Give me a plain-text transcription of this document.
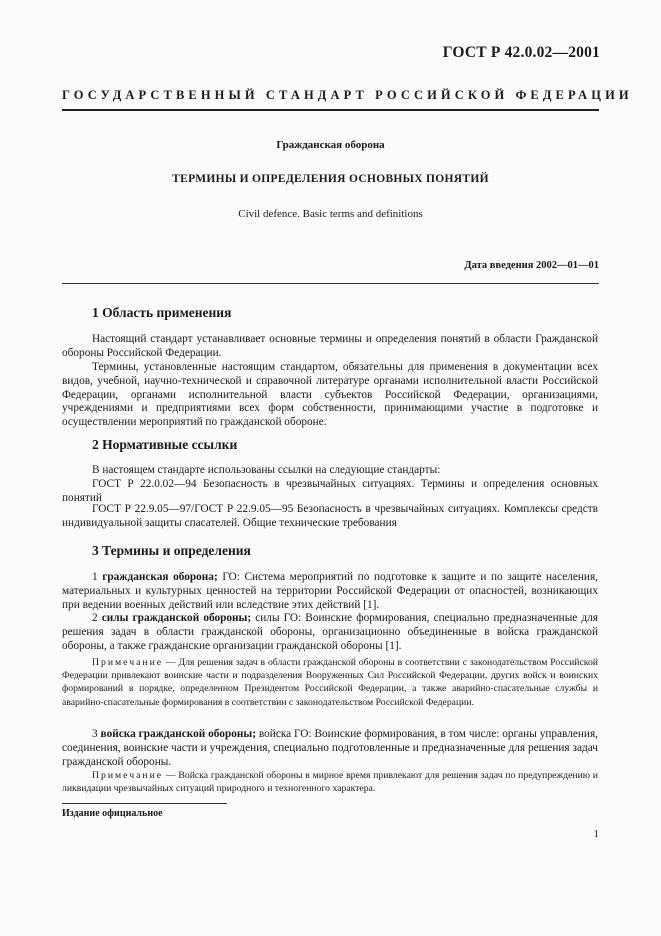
ГОСТ Р 42.0.02—2001
ГОСУДАРСТВЕННЫЙ СТАНДАРТ РОССИЙСКОЙ ФЕДЕРАЦИИ
Гражданская оборона
ТЕРМИНЫ И ОПРЕДЕЛЕНИЯ ОСНОВНЫХ ПОНЯТИЙ
Civil defence. Basic terms and definitions
Дата введения 2002—01—01
1 Область применения

Настоящий стандарт устанавливает основные термины и определения понятий в области Гражданской обороны Российской Федерации.

Термины, установленные настоящим стандартом, обязательны для применения в документации всех видов, учебной, научно-технической и справочной литературе органами исполнительной власти Российской Федерации, органами исполнительной власти субъектов Российской Федерации, организациями, учреждениями и предприятиями всех форм собственности, принимающими участие в подготовке и осуществлении мероприятий по гражданской обороне.

2 Нормативные ссылки

В настоящем стандарте использованы ссылки на следующие стандарты:

ГОСТ Р 22.0.02—94 Безопасность в чрезвычайных ситуациях. Термины и определения основных понятий

ГОСТ Р 22.9.05—97/ГОСТ Р 22.9.05—95 Безопасность в чрезвычайных ситуациях. Комплексы средств индивидуальной защиты спасателей. Общие технические требования

3 Термины и определения

1 гражданская оборона; ГО: Система мероприятий по подготовке к защите и по защите населения, материальных и культурных ценностей на территории Российской Федерации от опасностей, возникающих при ведении военных действий или вследствие этих действий [1].

2 силы гражданской обороны; силы ГО: Воинские формирования, специально предназначенные для решения задач в области гражданской обороны, организационно объединенные в войска гражданской обороны, а также гражданские организации гражданской обороны [1].

Примечание — Для решения задач в области гражданской обороны в соответствии с законодательством Российской Федерации привлекают воинские части и подразделения Вооруженных Сил Российской Федерации, других войск и воинских формирований в порядке, определенном Президентом Российской Федерации, а также аварийно-спасательные службы и аварийно-спасательные формирования в соответствии с законодательством Российской Федерации.

3 войска гражданской обороны; войска ГО: Воинские формирования, в том числе: органы управления, соединения, воинские части и учреждения, специально подготовленные и предназначенные для решения задач гражданской обороны.

Примечание — Войска гражданской обороны в мирное время привлекают для решения задач по предупреждению и ликвидации чрезвычайных ситуаций природного и техногенного характера.

Издание официальное
1
